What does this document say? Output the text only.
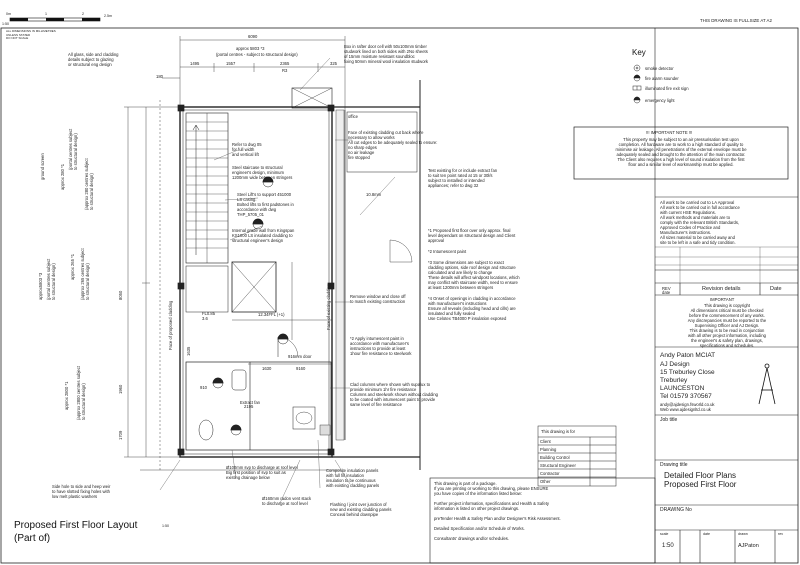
0m	1	2	2.5m
1:50
ALL DIMENSIONS IN MILLIMETRES
UNLESS STATED
DO NOT SCALE
THIS DRAWING IS FULLSIZE AT A2
6090
approx 5803 *3
(portal centres - subject to structural design)
1495	1557	2365	325
R3
180
1630	9160
910
2195
8050
1960
1709
1635
ground screen	approx 280 *1 (portal centres subject
to structural design)
(approx 280 centres subject
to structural design)
approx 265 *1
(approx 265 centres subject
to structural design)
approx5803 *3 (portal centres subject
to structural design)
approx 2800 *1
(approx 2800 centres subject
to structural design)
Face of proposed cladding	Face of existing cladding
All glass, side and cladding
details subject to glazing
or structural eng design
Box in rafter door cell with 50x100mm timber
studwork lined on both sides with 2No sheets
of 15mm moisture resistant soundbloc
fixing 50mm mineral wool insulation studwork
Refer to dwg 05
for full width
and vertical lift
Steel staircase to structural
engineer's design, minimum
1200mm wide between stringers
Steel Lift's to support 451000
LS casing.
Bolted lifts to first padstones in
accordance with dwg
THP_5705_01
Internal grade wall from Kingspan
KS1000 LS insulated cladding to
structural engineer's design
Face of existing cladding cut back where
necessary to allow works
All cut edges to be adequately sealed to ensure:
no sharp edges
no air leakage
fire stopped
Test existing for or include extract fan
to suit ten point rated at 15 or 30l/s
subject to installed or intended
appliances; refer to dwg 32
*1 Proposed first floor over only approx. final
level dependant on structural design and Client
approval
*2 Intumescent paint
*3 Some dimensions are subject to exact
cladding options, side roof design and structure
calculated and are likely to change
These details will affect windpost locations, which
may conflict with staircase width, need to ensure
at least 1200mm between stringers
*4 Onset of openings in cladding in accordance
with manufacturer's instructions
Ensure all reveals (including head and cills) are
insulated and fully sealed
Use Celotex TB4000 P insulation exposed
Remove window and close off
to match existing construction
*2 Apply intumescent paint in
accordance with manufacturer's
instructions to provide at least
1hour fire resistance to steelwork
Clad columns where shown with supalux to
provide minimum 1hr fire resistance
Columns and steelwork shown without cladding
to be coated with intumescent paint to provide
same level of fire resistance
Composite insulation panels
with full fill insulation
insulation to be continuous
with existing cladding panels
Side hole to side and heep weir
to have slotted fixing holes with
low melt plastic washers
Ø100mm svp to discharge at roof level
Big first position of svp to suit as
existing drainage below
Flashing / joint over junction of
new and existing cladding panels
Conceal behind downpipe
Ø160mm radon vent stack
to discharge at roof level
Extract fan
916mm door
12.34FFL (+1)
office
FL0.85
3.6
10.8mm
Key
smoke detector
fire alarm sounder
illuminated fire exit sign
emergency light
!!! IMPORTANT NOTE !!!
This property may be subject to an air pressurisation test upon
completion. All hardware are to work to a high standard of quality to
minimise air leakage. All penetrations of the external envelope must be
adequately sealed and brought to the attention of the main contractor.
The Client also requires a high level of sound insulation from the first
floor and a similar level of workmanship must be applied.
All work to be carried out to LA Approval
All work to be carried out in full accordance
with current HSE Regulations.
All work methods and materials are to
comply with the relevant British Standards,
Approved Codes of Practice and
Manufacturer's instructions.
All sizes material to be carried away and
site to be left in a safe and tidy condition.
REV
date
Revision details	Date
IMPORTANT
This drawing is copyright
All dimensions critical must be checked
before the commencement of any works.
Any discrepancies must be reported to the
Supervising Officer and AJ Design.
This drawing is to be read in conjunction
with all other project information, including
the engineer's & safety plan, drawings,
specifications and schedules.
Andy Paton MCIAT
AJ Design
15 Treburley Close
Treburley
LAUNCESTON
Tel 01579 370567
andy@ajdesign.fsworld.co.uk
Web www.ajdesignltd.co.uk
Job title
Drawing title
Detailed Floor Plans
Proposed First Floor
DRAWING No
scale
1:50
date	drawn
AJPaton
rev
This drawing is for
Client
Planning
Building Control
Structural Engineer
Contractor
Other
This drawing is part of a package.
If you are printing or working to this drawing, please ENSURE
you have copies of the information listed below:

Further project information, specifications and Health & Safety
information is listed on other project drawings.

preTender Health & Safety Plan and/or Designer's Risk Assessment.

Detailed Specification and/or Schedule of Works.

Consultants' drawings and/or schedules.
Proposed First Floor Layout	1:50
(Part of)
